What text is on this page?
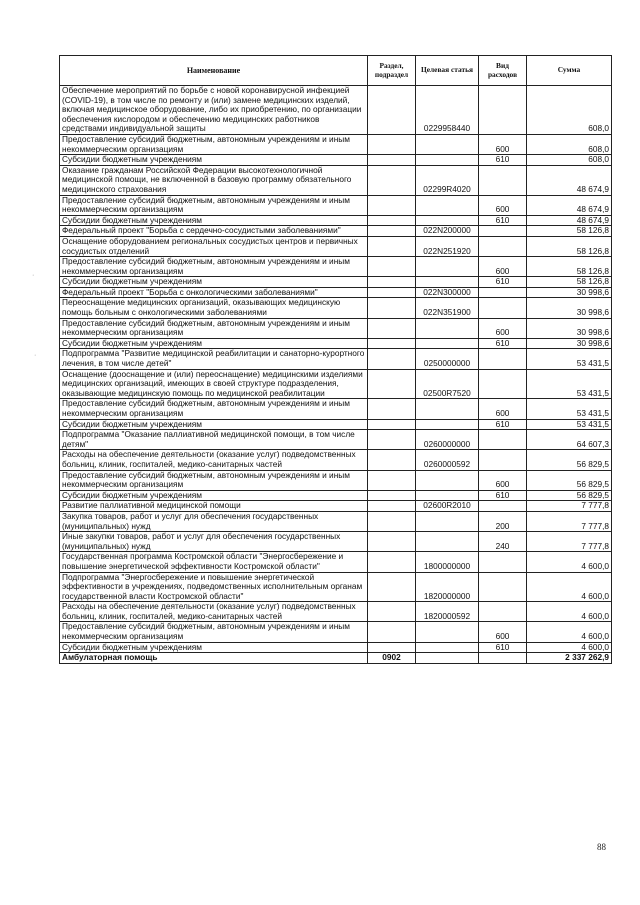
Наименование	Раздел, подраздел	Целевая статья	Вид расходов	Сумма
Обеспечение мероприятий по борьбе с новой коронавирусной инфекцией (COVID-19), в том числе по ремонту и (или) замене медицинских изделий, включая медицинское оборудование, либо их приобретению, по организации обеспечения кислородом и обеспечению медицинских работников средствами индивидуальной защиты		0229958440		608,0
Предоставление субсидий бюджетным, автономным учреждениям и иным некоммерческим организациям			600	608,0
Субсидии бюджетным учреждениям			610	608,0
Оказание гражданам Российской Федерации высокотехнологичной медицинской помощи, не включенной в базовую программу обязательного медицинского страхования		02299R4020		48 674,9
Предоставление субсидий бюджетным, автономным учреждениям и иным некоммерческим организациям			600	48 674,9
Субсидии бюджетным учреждениям			610	48 674,9
Федеральный проект "Борьба с сердечно-сосудистыми заболеваниями"		022N200000		58 126,8
Оснащение оборудованием региональных сосудистых центров и первичных сосудистых отделений		022N251920		58 126,8
Предоставление субсидий бюджетным, автономным учреждениям и иным некоммерческим организациям			600	58 126,8
Субсидии бюджетным учреждениям			610	58 126,8
Федеральный проект "Борьба с онкологическими заболеваниями"		022N300000		30 998,6
Переоснащение медицинских организаций, оказывающих медицинскую помощь больным с онкологическими заболеваниями		022N351900		30 998,6
Предоставление субсидий бюджетным, автономным учреждениям и иным некоммерческим организациям			600	30 998,6
Субсидии бюджетным учреждениям			610	30 998,6
Подпрограмма "Развитие медицинской реабилитации и санаторно-курортного лечения, в том числе детей"		0250000000		53 431,5
Оснащение (дооснащение и (или) переоснащение) медицинскими изделиями медицинских организаций, имеющих в своей структуре подразделения, оказывающие медицинскую помощь по медицинской реабилитации		02500R7520		53 431,5
Предоставление субсидий бюджетным, автономным учреждениям и иным некоммерческим организациям			600	53 431,5
Субсидии бюджетным учреждениям			610	53 431,5
Подпрограмма "Оказание паллиативной медицинской помощи, в том числе детям"		0260000000		64 607,3
Расходы на обеспечение деятельности (оказание услуг) подведомственных больниц, клиник, госпиталей, медико-санитарных частей		0260000592		56 829,5
Предоставление субсидий бюджетным, автономным учреждениям и иным некоммерческим организациям			600	56 829,5
Субсидии бюджетным учреждениям			610	56 829,5
Развитие паллиативной медицинской помощи		02600R2010		7 777,8
Закупка товаров, работ и услуг для обеспечения государственных (муниципальных) нужд			200	7 777,8
Иные закупки товаров, работ и услуг для обеспечения государственных (муниципальных) нужд			240	7 777,8
Государственная программа Костромской области "Энергосбережение и повышение энергетической эффективности Костромской области"		1800000000		4 600,0
Подпрограмма "Энергосбережение и повышение энергетической эффективности в учреждениях, подведомственных исполнительным органам государственной власти Костромской области"		1820000000		4 600,0
Расходы на обеспечение деятельности (оказание услуг) подведомственных больниц, клиник, госпиталей, медико-санитарных частей		1820000592		4 600,0
Предоставление субсидий бюджетным, автономным учреждениям и иным некоммерческим организациям			600	4 600,0
Субсидии бюджетным учреждениям			610	4 600,0
Амбулаторная помощь	0902			2 337 262,9
88
·
·
